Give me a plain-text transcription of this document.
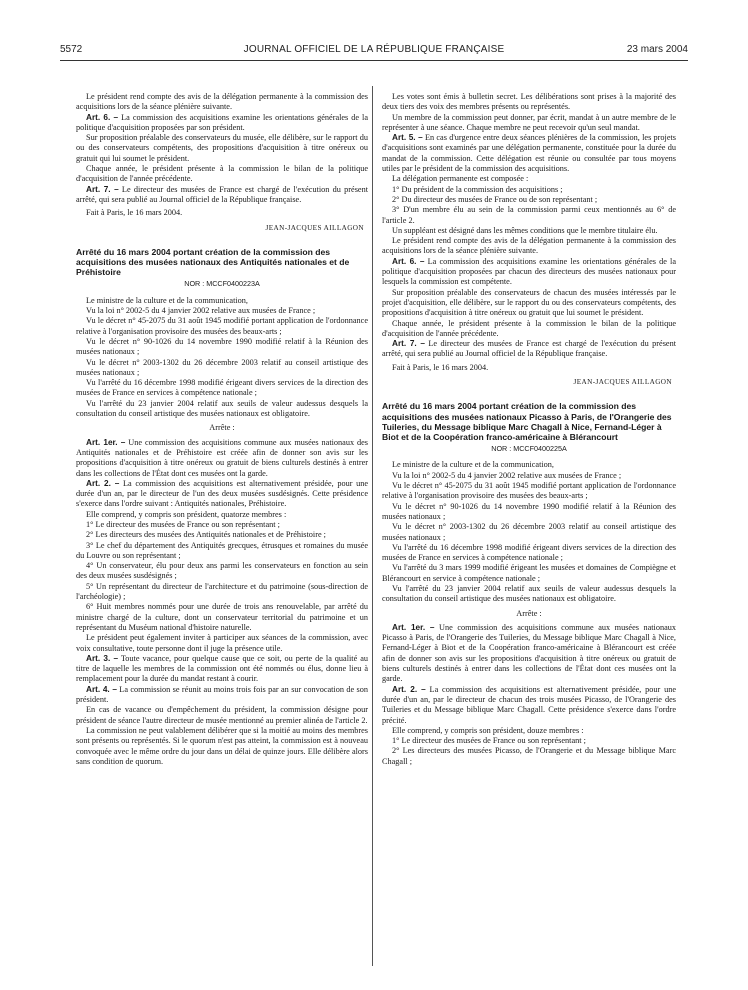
5572	JOURNAL OFFICIEL DE LA RÉPUBLIQUE FRANÇAISE	23 mars 2004

Le président rend compte des avis de la délégation permanente à la commission des acquisitions lors de la séance plénière suivante.

Art. 6. – La commission des acquisitions examine les orientations générales de la politique d'acquisition proposées par son président.

Sur proposition préalable des conservateurs du musée, elle délibère, sur le rapport du ou des conservateurs compétents, des propositions d'acquisition à titre onéreux ou gratuit qui lui soumet le président.

Chaque année, le président présente à la commission le bilan de la politique d'acquisition de l'année précédente.

Art. 7. – Le directeur des musées de France est chargé de l'exécution du présent arrêté, qui sera publié au Journal officiel de la République française.

Fait à Paris, le 16 mars 2004.

JEAN-JACQUES AILLAGON
Arrêté du 16 mars 2004 portant création de la commission des acquisitions des musées nationaux des Antiquités nationales et de Préhistoire
NOR : MCCF0400223A

Le ministre de la culture et de la communication,

Vu la loi n° 2002-5 du 4 janvier 2002 relative aux musées de France ;

Vu le décret n° 45-2075 du 31 août 1945 modifié portant application de l'ordonnance relative à l'organisation provisoire des musées des beaux-arts ;

Vu le décret n° 90-1026 du 14 novembre 1990 modifié relatif à la Réunion des musées nationaux ;

Vu le décret n° 2003-1302 du 26 décembre 2003 relatif au conseil artistique des musées nationaux ;

Vu l'arrêté du 16 décembre 1998 modifié érigeant divers services de la direction des musées de France en services à compétence nationale ;

Vu l'arrêté du 23 janvier 2004 relatif aux seuils de valeur audessus desquels la consultation du conseil artistique des musées nationaux est obligatoire.

Arrête :

Art. 1er. – Une commission des acquisitions commune aux musées nationaux des Antiquités nationales et de Préhistoire est créée afin de donner son avis sur les propositions d'acquisition à titre onéreux ou gratuit de biens culturels destinés à entrer dans les collections de l'État dont ces musées ont la garde.

Art. 2. – La commission des acquisitions est alternativement présidée, pour une durée d'un an, par le directeur de l'un des deux musées susdésignés. Cette présidence s'exerce dans l'ordre suivant : Antiquités nationales, Préhistoire.

Elle comprend, y compris son président, quatorze membres :

1° Le directeur des musées de France ou son représentant ;

2° Les directeurs des musées des Antiquités nationales et de Préhistoire ;

3° Le chef du département des Antiquités grecques, étrusques et romaines du musée du Louvre ou son représentant ;

4° Un conservateur, élu pour deux ans parmi les conservateurs en fonction au sein des deux musées susdésignés ;

5° Un représentant du directeur de l'architecture et du patrimoine (sous-direction de l'archéologie) ;

6° Huit membres nommés pour une durée de trois ans renouvelable, par arrêté du ministre chargé de la culture, dont un conservateur territorial du patrimoine et un représentant du Muséum national d'histoire naturelle.

Le président peut également inviter à participer aux séances de la commission, avec voix consultative, toute personne dont il juge la présence utile.

Art. 3. – Toute vacance, pour quelque cause que ce soit, ou perte de la qualité au titre de laquelle les membres de la commission ont été nommés ou élus, donne lieu à remplacement pour la durée du mandat restant à courir.

Art. 4. – La commission se réunit au moins trois fois par an sur convocation de son président.

En cas de vacance ou d'empêchement du président, la commission désigne pour président de séance l'autre directeur de musée mentionné au premier alinéa de l'article 2.

La commission ne peut valablement délibérer que si la moitié au moins des membres sont présents ou représentés. Si le quorum n'est pas atteint, la commission est à nouveau convoquée avec le même ordre du jour dans un délai de quinze jours. Elle délibère alors sans condition de quorum.

Les votes sont émis à bulletin secret. Les délibérations sont prises à la majorité des deux tiers des voix des membres présents ou représentés.

Un membre de la commission peut donner, par écrit, mandat à un autre membre de le représenter à une séance. Chaque membre ne peut recevoir qu'un seul mandat.

Art. 5. – En cas d'urgence entre deux séances plénières de la commission, les projets d'acquisitions sont examinés par une délégation permanente, constituée pour la durée du mandat de la commission. Cette délégation est réunie ou consultée par tous moyens utiles par le président de la commission des acquisitions.

La délégation permanente est composée :

1° Du président de la commission des acquisitions ;

2° Du directeur des musées de France ou de son représentant ;

3° D'un membre élu au sein de la commission parmi ceux mentionnés au 6° de l'article 2.

Un suppléant est désigné dans les mêmes conditions que le membre titulaire élu.

Le président rend compte des avis de la délégation permanente à la commission des acquisitions lors de la séance plénière suivante.

Art. 6. – La commission des acquisitions examine les orientations générales de la politique d'acquisition proposées par chacun des directeurs des musées nationaux pour lesquels la commission est compétente.

Sur proposition préalable des conservateurs de chacun des musées intéressés par le projet d'acquisition, elle délibère, sur le rapport du ou des conservateurs compétents, des propositions d'acquisition à titre onéreux ou gratuit que lui soumet le président.

Chaque année, le président présente à la commission le bilan de la politique d'acquisition de l'année précédente.

Art. 7. – Le directeur des musées de France est chargé de l'exécution du présent arrêté, qui sera publié au Journal officiel de la République française.

Fait à Paris, le 16 mars 2004.

JEAN-JACQUES AILLAGON
Arrêté du 16 mars 2004 portant création de la commission des acquisitions des musées nationaux Picasso à Paris, de l'Orangerie des Tuileries, du Message biblique Marc Chagall à Nice, Fernand-Léger à Biot et de la Coopération franco-américaine à Blérancourt
NOR : MCCF0400225A

Le ministre de la culture et de la communication,

Vu la loi n° 2002-5 du 4 janvier 2002 relative aux musées de France ;

Vu le décret n° 45-2075 du 31 août 1945 modifié portant application de l'ordonnance relative à l'organisation provisoire des musées des beaux-arts ;

Vu le décret n° 90-1026 du 14 novembre 1990 modifié relatif à la Réunion des musées nationaux ;

Vu le décret n° 2003-1302 du 26 décembre 2003 relatif au conseil artistique des musées nationaux ;

Vu l'arrêté du 16 décembre 1998 modifié érigeant divers services de la direction des musées de France en services à compétence nationale ;

Vu l'arrêté du 3 mars 1999 modifié érigeant les musées et domaines de Compiègne et Blérancourt en service à compétence nationale ;

Vu l'arrêté du 23 janvier 2004 relatif aux seuils de valeur audessus desquels la consultation du conseil artistique des musées nationaux est obligatoire.

Arrête :

Art. 1er. – Une commission des acquisitions commune aux musées nationaux Picasso à Paris, de l'Orangerie des Tuileries, du Message biblique Marc Chagall à Nice, Fernand-Léger à Biot et de la Coopération franco-américaine à Blérancourt est créée afin de donner son avis sur les propositions d'acquisition à titre onéreux ou gratuit de biens culturels destinés à entrer dans les collections de l'État dont ces musées ont la garde.

Art. 2. – La commission des acquisitions est alternativement présidée, pour une durée d'un an, par le directeur de chacun des trois musées Picasso, de l'Orangerie des Tuileries et du Message biblique Marc Chagall. Cette présidence s'exerce dans l'ordre précité.

Elle comprend, y compris son président, douze membres :

1° Le directeur des musées de France ou son représentant ;

2° Les directeurs des musées Picasso, de l'Orangerie et du Message biblique Marc Chagall ;
